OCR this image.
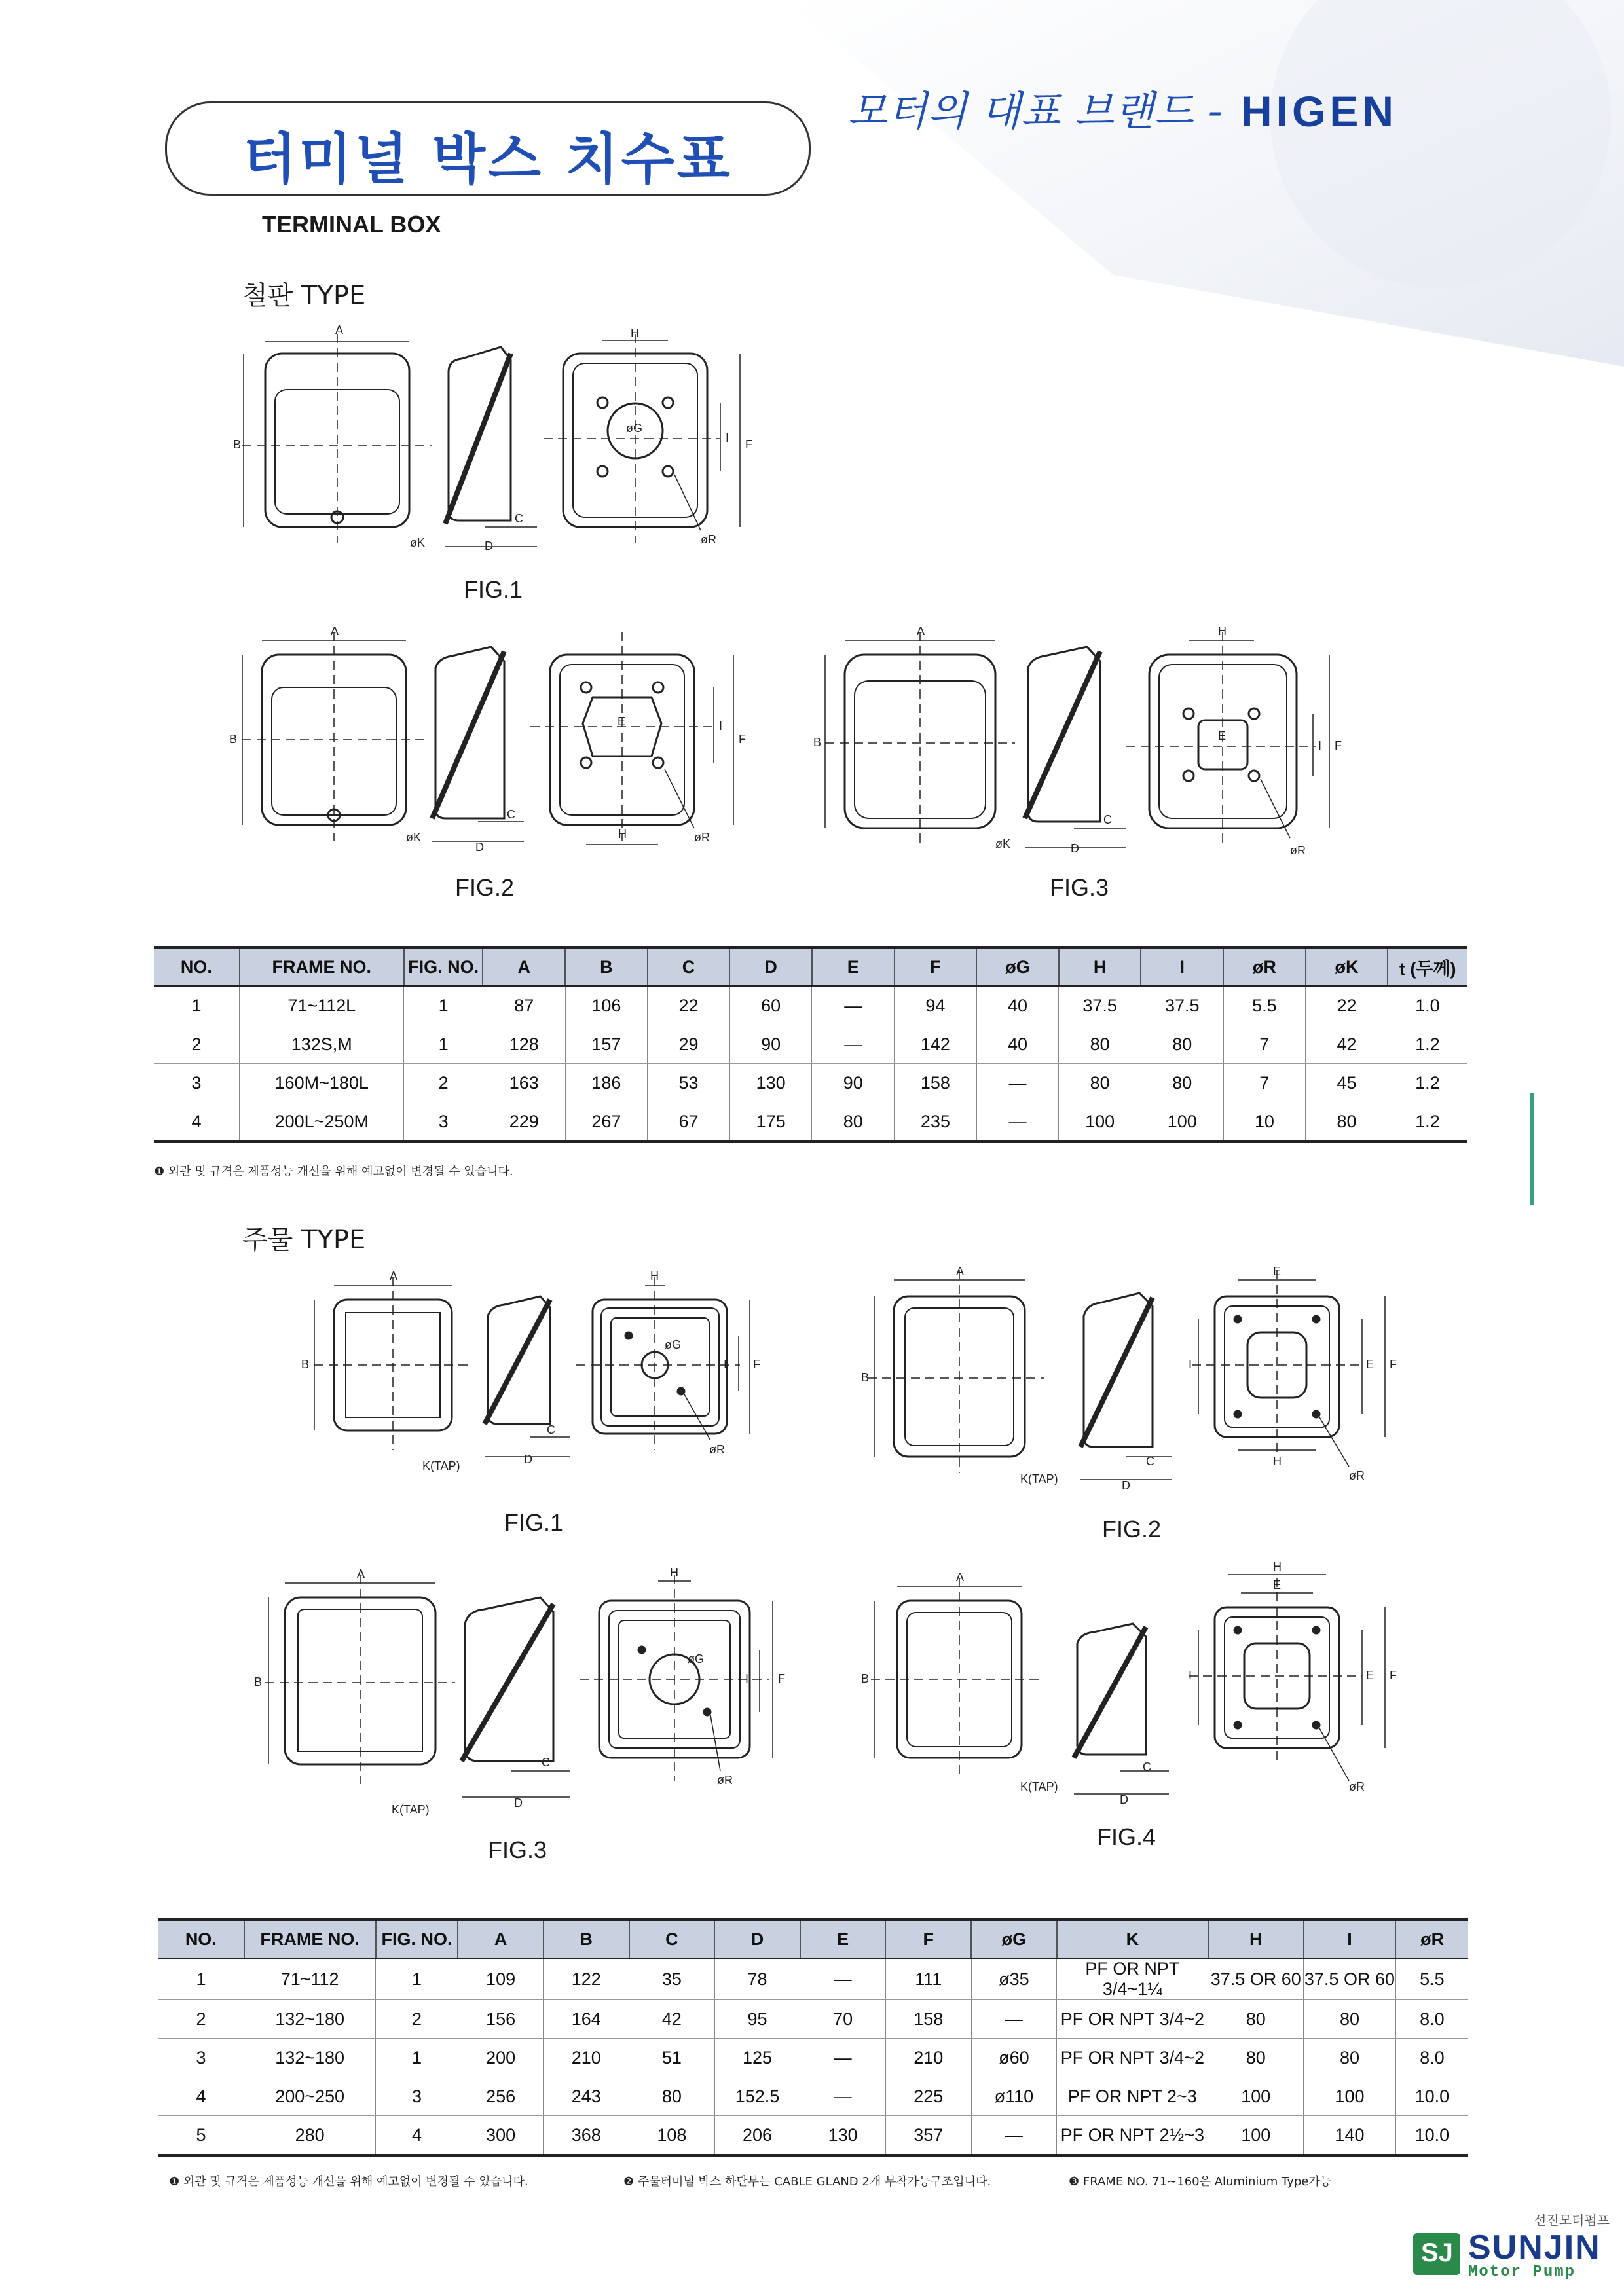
터미널 박스 치수표
TERMINAL BOX
모터의 대표 브랜드 - HIGEN
철판 TYPE
A
B
C
D
øK
H
F
I
øG
øR
FIG.1
A
B
C
D
øK
E
H
F
I
øR
FIG.2
A
B
C
D
øK
E
H
F
I
øR
FIG.3
NO.	FRAME NO.	FIG. NO.	A	B	C	D	E	F	øG	H	I	øR	øK	t (두께)
1	71~112L	1	87	106	22	60	—	94	40	37.5	37.5	5.5	22	1.0
2	132S,M	1	128	157	29	90	—	142	40	80	80	7	42	1.2
3	160M~180L	2	163	186	53	130	90	158	—	80	80	7	45	1.2
4	200L~250M	3	229	267	67	175	80	235	—	100	100	10	80	1.2
❶ 외관 및 규격은 제품성능 개선을 위해 예고없이 변경될 수 있습니다.
주물 TYPE
A
B
C
D
K(TAP)
H
F
I
øG
øR
FIG.1
A
B
C
D
K(TAP)
E
H
F
E
I
øR
FIG.2
A
B
C
D
K(TAP)
H
F
I
øG
øR
FIG.3
A
B
C
D
K(TAP)
H
E
F
E
I
øR
FIG.4
NO.	FRAME NO.	FIG. NO.	A	B	C	D	E	F	øG	K	H	I	øR
1	71~112	1	109	122	35	78	—	111	ø35	PF OR NPT 3/4~1¼	37.5 OR 60	37.5 OR 60	5.5
2	132~180	2	156	164	42	95	70	158	—	PF OR NPT 3/4~2	80	80	8.0
3	132~180	1	200	210	51	125	—	210	ø60	PF OR NPT 3/4~2	80	80	8.0
4	200~250	3	256	243	80	152.5	—	225	ø110	PF OR NPT 2~3	100	100	10.0
5	280	4	300	368	108	206	130	357	—	PF OR NPT 2½~3	100	140	10.0
❶ 외관 및 규격은 제품성능 개선을 위해 예고없이 변경될 수 있습니다.	❷ 주물터미널 박스 하단부는 CABLE GLAND 2개 부착가능구조입니다.	❸ FRAME NO. 71~160은 Aluminium Type가능
선진모터펌프
SJ SUNJIN
Motor Pump
